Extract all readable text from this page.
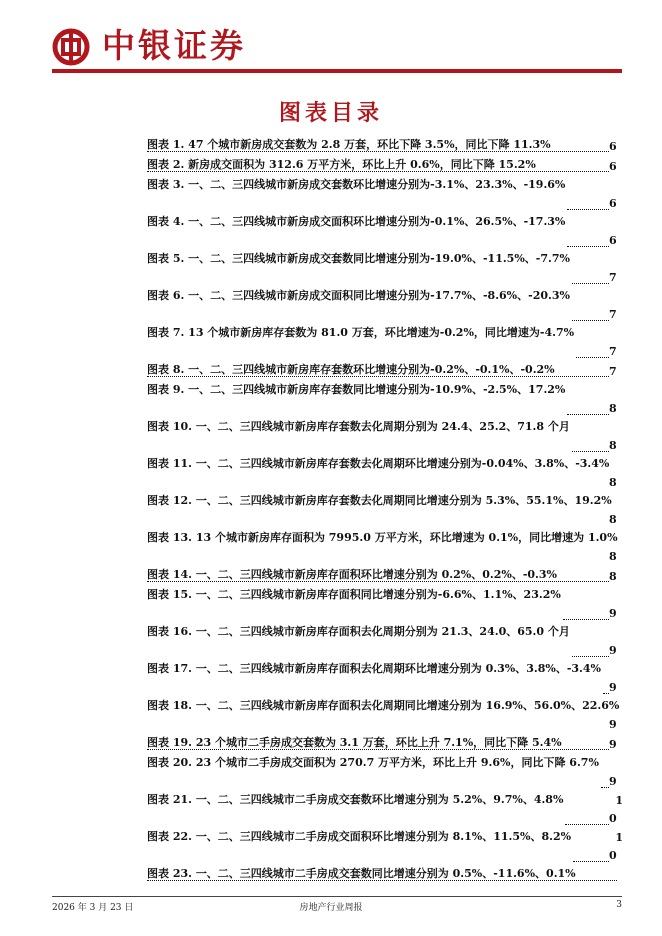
中银证券
图表目录
图表 1. 47 个城市新房成交套数为 2.8 万套，环比下降 3.5%，同比下降 11.3%	6
图表 2. 新房成交面积为 312.6 万平方米，环比上升 0.6%，同比下降 15.2%	6
图表 3. 一、二、三四线城市新房成交套数环比增速分别为-3.1%、23.3%、-19.6%
6
图表 4. 一、二、三四线城市新房成交面积环比增速分别为-0.1%、26.5%、-17.3%
6
图表 5. 一、二、三四线城市新房成交套数同比增速分别为-19.0%、-11.5%、-7.7%
7
图表 6. 一、二、三四线城市新房成交面积同比增速分别为-17.7%、-8.6%、-20.3%
7
图表 7. 13 个城市新房库存套数为 81.0 万套，环比增速为-0.2%，同比增速为-4.7%
7
图表 8. 一、二、三四线城市新房库存套数环比增速分别为-0.2%、-0.1%、-0.2%	7
图表 9. 一、二、三四线城市新房库存套数同比增速分别为-10.9%、-2.5%、17.2%
8
图表 10. 一、二、三四线城市新房库存套数去化周期分别为 24.4、25.2、71.8 个月
8
图表 11. 一、二、三四线城市新房库存套数去化周期环比增速分别为-0.04%、3.8%、-3.4%
8
图表 12. 一、二、三四线城市新房库存套数去化周期同比增速分别为 5.3%、55.1%、19.2%
8
图表 13. 13 个城市新房库存面积为 7995.0 万平方米，环比增速为 0.1%，同比增速为 1.0%
8
图表 14. 一、二、三四线城市新房库存面积环比增速分别为 0.2%、0.2%、-0.3%	8
图表 15. 一、二、三四线城市新房库存面积同比增速分别为-6.6%、1.1%、23.2%
9
图表 16. 一、二、三四线城市新房库存面积去化周期分别为 21.3、24.0、65.0 个月
9
图表 17. 一、二、三四线城市新房库存面积去化周期环比增速分别为 0.3%、3.8%、-3.4%
9
图表 18. 一、二、三四线城市新房库存面积去化周期同比增速分别为 16.9%、56.0%、22.6%
9
图表 19. 23 个城市二手房成交套数为 3.1 万套，环比上升 7.1%，同比下降 5.4%	9
图表 20. 23 个城市二手房成交面积为 270.7 万平方米，环比上升 9.6%，同比下降 6.7%
9
图表 21. 一、二、三四线城市二手房成交套数环比增速分别为 5.2%、9.7%、4.8%	10
图表 22. 一、二、三四线城市二手房成交面积环比增速分别为 8.1%、11.5%、8.2%	10
图表 23. 一、二、三四线城市二手房成交套数同比增速分别为 0.5%、-11.6%、0.1%
2026 年 3 月 23 日	房地产行业周报	3
